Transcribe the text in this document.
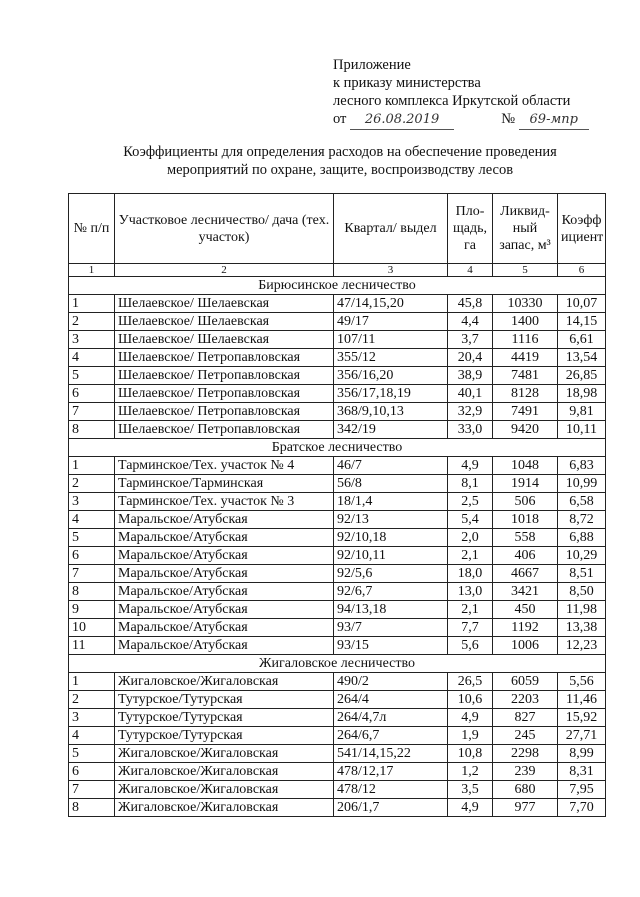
Приложение
к приказу министерства
лесного комплекса Иркутской области
от 26.08.2019	№ 69-мпр
Коэффициенты для определения расходов на обеспечение проведения
мероприятий по охране, защите, воспроизводству лесов
№ п/п	Участковое лесничество/ дача (тех. участок)	Квартал/ выдел	Пло-щадь, га	Ликвид-ный запас, м³	Коэфф ициент
1	2	3	4	5	6
Бирюсинское лесничество					
1	Шелаевское/ Шелаевская	47/14,15,20	45,8	10330	10,07
2	Шелаевское/ Шелаевская	49/17	4,4	1400	14,15
3	Шелаевское/ Шелаевская	107/11	3,7	1116	6,61
4	Шелаевское/ Петропавловская	355/12	20,4	4419	13,54
5	Шелаевское/ Петропавловская	356/16,20	38,9	7481	26,85
6	Шелаевское/ Петропавловская	356/17,18,19	40,1	8128	18,98
7	Шелаевское/ Петропавловская	368/9,10,13	32,9	7491	9,81
8	Шелаевское/ Петропавловская	342/19	33,0	9420	10,11
Братское лесничество					
1	Тарминское/Тех. участок № 4	46/7	4,9	1048	6,83
2	Тарминское/Тарминская	56/8	8,1	1914	10,99
3	Тарминское/Тех. участок № 3	18/1,4	2,5	506	6,58
4	Маральское/Атубская	92/13	5,4	1018	8,72
5	Маральское/Атубская	92/10,18	2,0	558	6,88
6	Маральское/Атубская	92/10,11	2,1	406	10,29
7	Маральское/Атубская	92/5,6	18,0	4667	8,51
8	Маральское/Атубская	92/6,7	13,0	3421	8,50
9	Маральское/Атубская	94/13,18	2,1	450	11,98
10	Маральское/Атубская	93/7	7,7	1192	13,38
11	Маральское/Атубская	93/15	5,6	1006	12,23
Жигаловское лесничество					
1	Жигаловское/Жигаловская	490/2	26,5	6059	5,56
2	Тутурское/Тутурская	264/4	10,6	2203	11,46
3	Тутурское/Тутурская	264/4,7л	4,9	827	15,92
4	Тутурское/Тутурская	264/6,7	1,9	245	27,71
5	Жигаловское/Жигаловская	541/14,15,22	10,8	2298	8,99
6	Жигаловское/Жигаловская	478/12,17	1,2	239	8,31
7	Жигаловское/Жигаловская	478/12	3,5	680	7,95
8	Жигаловское/Жигаловская	206/1,7	4,9	977	7,70
